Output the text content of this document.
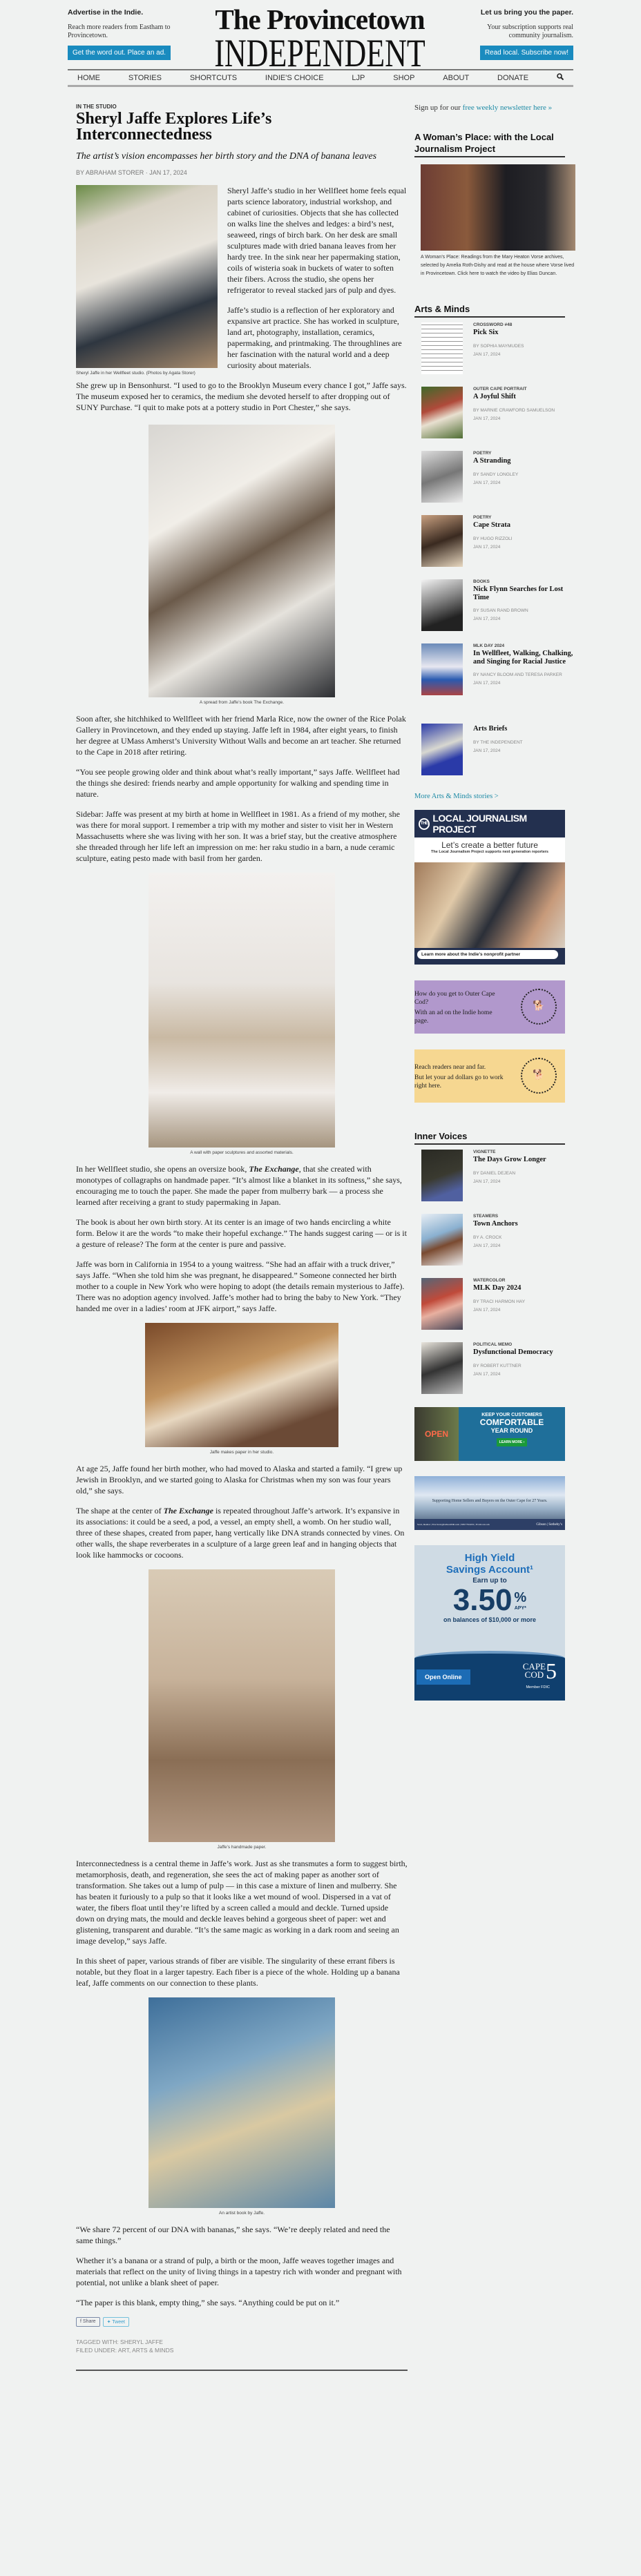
Advertise in the Indie.

Reach more readers from Eastham to Provincetown.

Get the word out. Place an ad.
The Provincetown
INDEPENDENT
Let us bring you the paper.

Your subscription supports real community journalism.

Read local. Subscribe now!
HOME	STORIES	SHORTCUTS	INDIE'S CHOICE	LJP	SHOP	ABOUT	DONATE
IN THE STUDIO
Sheryl Jaffe Explores Life’s Interconnectedness
The artist’s vision encompasses her birth story and the DNA of banana leaves
BY ABRAHAM STORER · JAN 17, 2024
Sheryl Jaffe in her Wellfleet studio. (Photos by Agata Storer)

Sheryl Jaffe’s studio in her Wellfleet home feels equal parts science laboratory, industrial workshop, and cabinet of curiosities. Objects that she has collected on walks line the shelves and ledges: a bird’s nest, seaweed, rings of birch bark. On her desk are small sculptures made with dried banana leaves from her hardy tree. In the sink near her papermaking station, coils of wisteria soak in buckets of water to soften their fibers. Across the studio, she opens her refrigerator to reveal stacked jars of pulp and dyes.

Jaffe’s studio is a reflection of her exploratory and expansive art practice. She has worked in sculpture, land art, photography, installation, ceramics, papermaking, and printmaking. The throughlines are her fascination with the natural world and a deep curiosity about materials.

She grew up in Bensonhurst. “I used to go to the Brooklyn Museum every chance I got,” Jaffe says. The museum exposed her to ceramics, the medium she devoted herself to after dropping out of SUNY Purchase. “I quit to make pots at a pottery studio in Port Chester,” she says.

A spread from Jaffe’s book The Exchange.

Soon after, she hitchhiked to Wellfleet with her friend Marla Rice, now the owner of the Rice Polak Gallery in Provincetown, and they ended up staying. Jaffe left in 1984, after eight years, to finish her degree at UMass Amherst’s University Without Walls and become an art teacher. She returned to the Cape in 2018 after retiring.

“You see people growing older and think about what’s really important,” says Jaffe. Wellfleet had the things she desired: friends nearby and ample opportunity for walking and spending time in nature.

Sidebar: Jaffe was present at my birth at home in Wellfleet in 1981. As a friend of my mother, she was there for moral support. I remember a trip with my mother and sister to visit her in Western Massachusetts where she was living with her son. It was a brief stay, but the creative atmosphere she threaded through her life left an impression on me: her raku studio in a barn, a nude ceramic sculpture, eating pesto made with basil from her garden.

A wall with paper sculptures and assorted materials.

In her Wellfleet studio, she opens an oversize book, The Exchange, that she created with monotypes of collagraphs on handmade paper. “It’s almost like a blanket in its softness,” she says, encouraging me to touch the paper. She made the paper from mulberry bark — a process she learned after receiving a grant to study papermaking in Japan.

The book is about her own birth story. At its center is an image of two hands encircling a white form. Below it are the words “to make their hopeful exchange.” The hands suggest caring — or is it a gesture of release? The form at the center is pure and passive.

Jaffe was born in California in 1954 to a young waitress. “She had an affair with a truck driver,” says Jaffe. “When she told him she was pregnant, he disappeared.” Someone connected her birth mother to a couple in New York who were hoping to adopt (the details remain mysterious to Jaffe). There was no adoption agency involved. Jaffe’s mother had to bring the baby to New York. “They handed me over in a ladies’ room at JFK airport,” says Jaffe.

Jaffe makes paper in her studio.

At age 25, Jaffe found her birth mother, who had moved to Alaska and started a family. “I grew up Jewish in Brooklyn, and we started going to Alaska for Christmas when my son was four years old,” she says.

The shape at the center of The Exchange is repeated throughout Jaffe’s artwork. It’s expansive in its associations: it could be a seed, a pod, a vessel, an empty shell, a womb. On her studio wall, three of these shapes, created from paper, hang vertically like DNA strands connected by vines. On other walls, the shape reverberates in a sculpture of a large green leaf and in hanging objects that look like hammocks or cocoons.

Jaffe’s handmade paper.

Interconnectedness is a central theme in Jaffe’s work. Just as she transmutes a form to suggest birth, metamorphosis, death, and regeneration, she sees the act of making paper as another sort of transformation. She takes out a lump of pulp — in this case a mixture of linen and mulberry. She has beaten it furiously to a pulp so that it looks like a wet mound of wool. Dispersed in a vat of water, the fibers float until they’re lifted by a screen called a mould and deckle. Turned upside down on drying mats, the mould and deckle leaves behind a gorgeous sheet of paper: wet and glistening, transparent and durable. “It’s the same magic as working in a dark room and seeing an image develop,” says Jaffe.

In this sheet of paper, various strands of fiber are visible. The singularity of these errant fibers is notable, but they float in a larger tapestry. Each fiber is a piece of the whole. Holding up a banana leaf, Jaffe comments on our connection to these plants.

An artist book by Jaffe.

“We share 72 percent of our DNA with bananas,” she says. “We’re deeply related and need the same things.”

Whether it’s a banana or a strand of pulp, a birth or the moon, Jaffe weaves together images and materials that reflect on the unity of living things in a tapestry rich with wonder and pregnant with potential, not unlike a blank sheet of paper.

“The paper is this blank, empty thing,” she says. “Anything could be put on it.”

f Share	✦ Tweet
TAGGED WITH: SHERYL JAFFE
FILED UNDER: ART, ARTS & MINDS
Sign up for our free weekly newsletter here »
A Woman’s Place: with the Local Journalism Project
A Woman’s Place: Readings from the Mary Heaton Vorse archives, selected by Amelia Roth-Dishy and read at the house where Vorse lived in Provincetown. Click here to watch the video by Elias Duncan.
Arts & Minds
CROSSWORD #48
Pick Six
BY SOPHIA MAYMUDES
JAN 17, 2024
OUTER CAPE PORTRAIT
A Joyful Shift
BY MARNIE CRAWFORD SAMUELSON
JAN 17, 2024
POETRY
A Stranding
BY SANDY LONGLEY
JAN 17, 2024
POETRY
Cape Strata
BY HUGO RIZZOLI
JAN 17, 2024
BOOKS
Nick Flynn Searches for Lost Time
BY SUSAN RAND BROWN
JAN 17, 2024
MLK DAY 2024
In Wellfleet, Walking, Chalking, and Singing for Racial Justice
BY NANCY BLOOM AND TERESA PARKER
JAN 17, 2024
Arts Briefs
BY THE INDEPENDENT
JAN 17, 2024
More Arts & Minds stories >
THE LOCAL JOURNALISM PROJECT
Let’s create a better future
The Local Journalism Project supports next generation reporters
Learn more about the Indie’s nonprofit partner
How do you get to Outer Cape Cod?
With an ad on the Indie home page.
🐕
Reach readers near and far.
But let your ad dollars go to work right here.
🐕
Inner Voices
VIGNETTE
The Days Grow Longer
BY DANIEL DEJEAN
JAN 17, 2024
STEAMERS
Town Anchors
BY A. CROCK
JAN 17, 2024
WATERCOLOR
MLK Day 2024
BY TRACI HARMON HAY
JAN 17, 2024
POLITICAL MEMO
Dysfunctional Democracy
BY ROBERT KUTTNER
JAN 17, 2024
OPEN
KEEP YOUR CUSTOMERS
COMFORTABLE
YEAR ROUND
LEARN MORE ›
Supporting Home Sellers and Buyers on the Outer Cape for 27 Years.
Scott, Realtor | Eva.Scott@GibsonSIR.com | 508.776.9231 | EvaScott.com	Gibson | Sotheby’s
High Yield
Savings Account¹
Earn up to
3.50 %
APY*
on balances of $10,000 or more
Open Online
CAPE
COD 5
Member FDIC
